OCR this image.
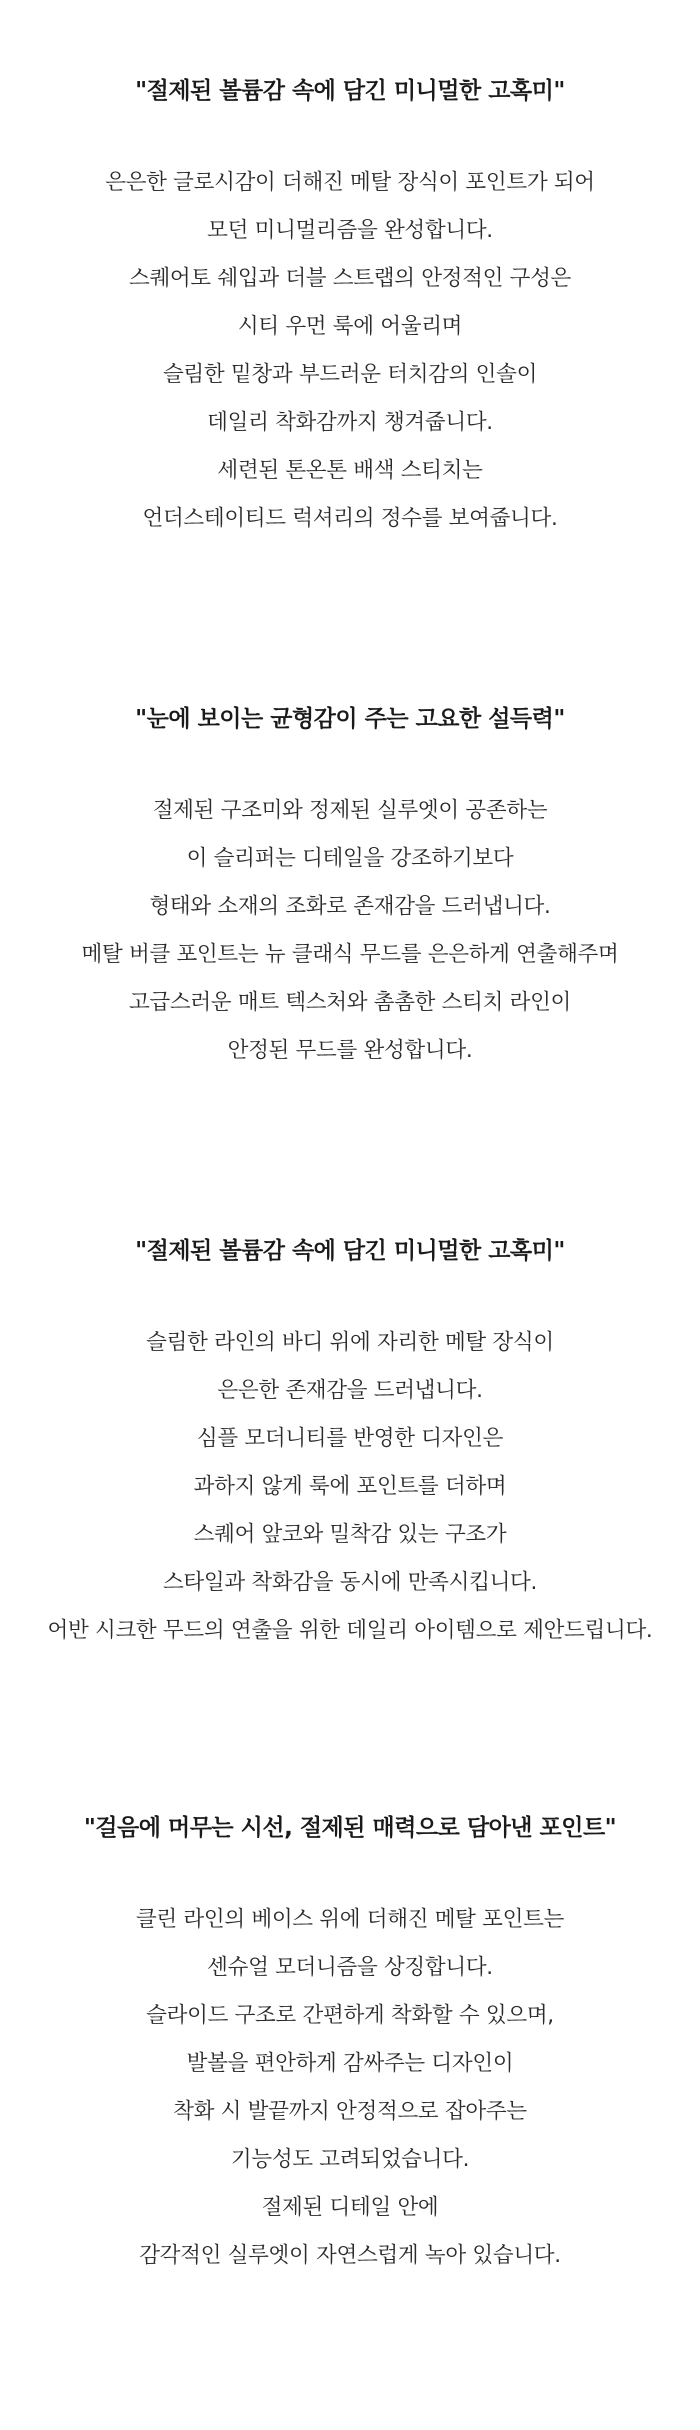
"절제된 볼륨감 속에 담긴 미니멀한 고혹미"
은은한 글로시감이 더해진 메탈 장식이 포인트가 되어
모던 미니멀리즘을 완성합니다.
스퀘어토 쉐입과 더블 스트랩의 안정적인 구성은
시티 우먼 룩에 어울리며
슬림한 밑창과 부드러운 터치감의 인솔이
데일리 착화감까지 챙겨줍니다.
세련된 톤온톤 배색 스티치는
언더스테이티드 럭셔리의 정수를 보여줍니다.
"눈에 보이는 균형감이 주는 고요한 설득력"
절제된 구조미와 정제된 실루엣이 공존하는
이 슬리퍼는 디테일을 강조하기보다
형태와 소재의 조화로 존재감을 드러냅니다.
메탈 버클 포인트는 뉴 클래식 무드를 은은하게 연출해주며
고급스러운 매트 텍스처와 촘촘한 스티치 라인이
안정된 무드를 완성합니다.
"절제된 볼륨감 속에 담긴 미니멀한 고혹미"
슬림한 라인의 바디 위에 자리한 메탈 장식이
은은한 존재감을 드러냅니다.
심플 모더니티를 반영한 디자인은
과하지 않게 룩에 포인트를 더하며
스퀘어 앞코와 밀착감 있는 구조가
스타일과 착화감을 동시에 만족시킵니다.
어반 시크한 무드의 연출을 위한 데일리 아이템으로 제안드립니다.
"걸음에 머무는 시선, 절제된 매력으로 담아낸 포인트"
클린 라인의 베이스 위에 더해진 메탈 포인트는
센슈얼 모더니즘을 상징합니다.
슬라이드 구조로 간편하게 착화할 수 있으며,
발볼을 편안하게 감싸주는 디자인이
착화 시 발끝까지 안정적으로 잡아주는
기능성도 고려되었습니다.
절제된 디테일 안에
감각적인 실루엣이 자연스럽게 녹아 있습니다.
